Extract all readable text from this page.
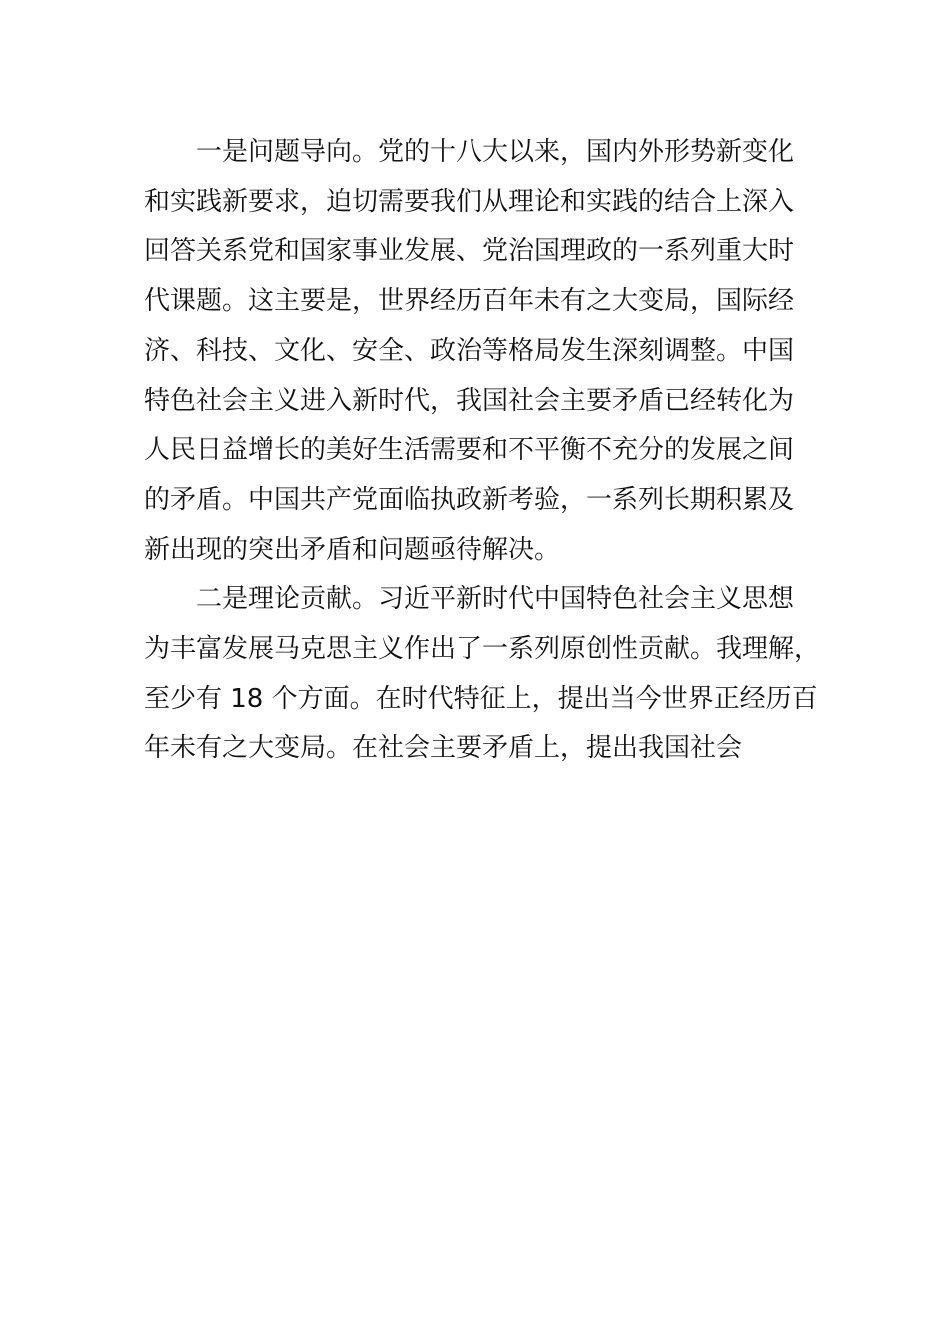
一是问题导向。党的十八大以来，国内外形势新变化
和实践新要求，迫切需要我们从理论和实践的结合上深入
回答关系党和国家事业发展、党治国理政的一系列重大时
代课题。这主要是，世界经历百年未有之大变局，国际经
济、科技、文化、安全、政治等格局发生深刻调整。中国
特色社会主义进入新时代，我国社会主要矛盾已经转化为
人民日益增长的美好生活需要和不平衡不充分的发展之间
的矛盾。中国共产党面临执政新考验，一系列长期积累及
新出现的突出矛盾和问题亟待解决。
二是理论贡献。习近平新时代中国特色社会主义思想
为丰富发展马克思主义作出了一系列原创性贡献。我理解，
至少有 18 个方面。在时代特征上，提出当今世界正经历百
年未有之大变局。在社会主要矛盾上，提出我国社会
